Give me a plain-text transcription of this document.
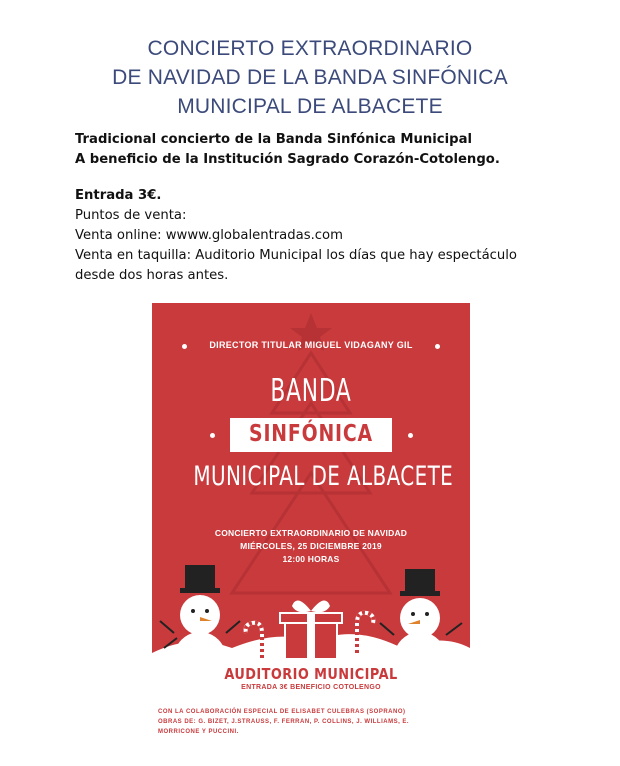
CONCIERTO EXTRAORDINARIO
DE NAVIDAD DE LA BANDA SINFÓNICA
MUNICIPAL DE ALBACETE
Tradicional concierto de la Banda Sinfónica Municipal
A beneficio de la Institución Sagrado Corazón-Cotolengo.
Entrada 3€.
Puntos de venta:
Venta online: wwww.globalentradas.com
Venta en taquilla: Auditorio Municipal los días que hay espectáculo
desde dos horas antes.
DIRECTOR TITULAR MIGUEL VIDAGANY GIL
BANDA
SINFÓNICA
MUNICIPAL DE ALBACETE
CONCIERTO EXTRAORDINARIO DE NAVIDAD
MIÉRCOLES, 25 DICIEMBRE 2019
12:00 HORAS
AUDITORIO MUNICIPAL
ENTRADA 3€ BENEFICIO COTOLENGO
CON LA COLABORACIÓN ESPECIAL DE ELISABET CULEBRAS (SOPRANO)
OBRAS DE: G. BIZET, J.STRAUSS, F. FERRAN, P. COLLINS, J. WILLIAMS, E.
MORRICONE Y PUCCINI.
